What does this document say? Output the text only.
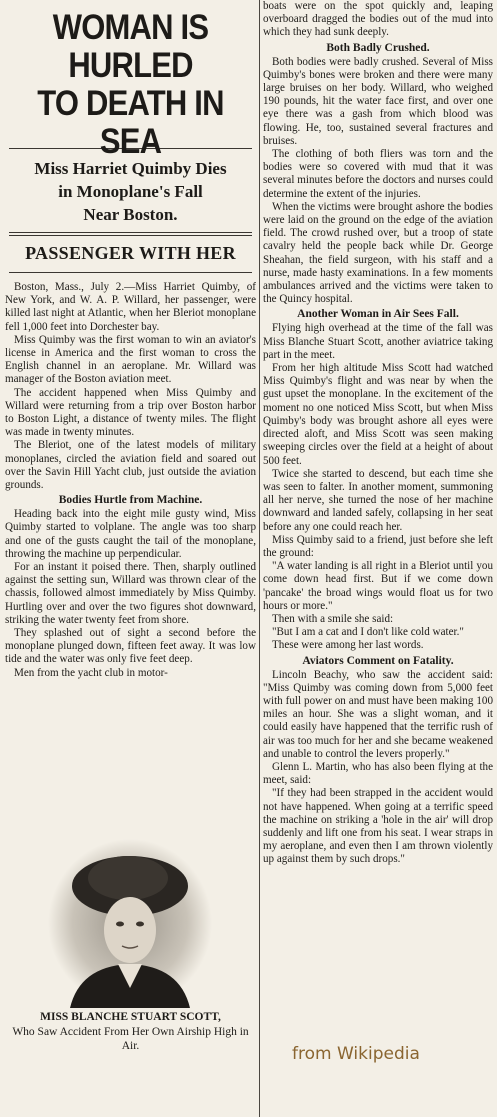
WOMAN IS HURLED
TO DEATH IN SEA
Miss Harriet Quimby Dies
in Monoplane's Fall
Near Boston.
PASSENGER WITH HER
Boston, Mass., July 2.—Miss Harriet Quimby, of New York, and W. A. P. Willard, her passenger, were killed last night at Atlantic, when her Bleriot monoplane fell 1,000 feet into Dorchester bay.
Miss Quimby was the first woman to win an aviator's license in America and the first woman to cross the English channel in an aeroplane. Mr. Willard was manager of the Boston aviation meet.
The accident happened when Miss Quimby and Willard were returning from a trip over Boston harbor to Boston Light, a distance of twenty miles. The flight was made in twenty minutes.
The Bleriot, one of the latest models of military monoplanes, circled the aviation field and soared out over the Savin Hill Yacht club, just outside the aviation grounds.
Bodies Hurtle from Machine.
Heading back into the eight mile gusty wind, Miss Quimby started to volplane. The angle was too sharp and one of the gusts caught the tail of the monoplane, throwing the machine up perpendicular.
For an instant it poised there. Then, sharply outlined against the setting sun, Willard was thrown clear of the chassis, followed almost immediately by Miss Quimby. Hurtling over and over the two figures shot downward, striking the water twenty feet from shore.
They splashed out of sight a second before the monoplane plunged down, fifteen feet away. It was low tide and the water was only five feet deep.
Men from the yacht club in motor-
boats were on the spot quickly and, leaping overboard dragged the bodies out of the mud into which they had sunk deeply.
Both Badly Crushed.
Both bodies were badly crushed. Several of Miss Quimby's bones were broken and there were many large bruises on her body. Willard, who weighed 190 pounds, hit the water face first, and over one eye there was a gash from which blood was flowing. He, too, sustained several fractures and bruises.
The clothing of both fliers was torn and the bodies were so covered with mud that it was several minutes before the doctors and nurses could determine the extent of the injuries.
When the victims were brought ashore the bodies were laid on the ground on the edge of the aviation field. The crowd rushed over, but a troop of state cavalry held the people back while Dr. George Sheahan, the field surgeon, with his staff and a nurse, made hasty examinations. In a few moments ambulances arrived and the victims were taken to the Quincy hospital.
Another Woman in Air Sees Fall.
Flying high overhead at the time of the fall was Miss Blanche Stuart Scott, another aviatrice taking part in the meet.
From her high altitude Miss Scott had watched Miss Quimby's flight and was near by when the gust upset the monoplane. In the excitement of the moment no one noticed Miss Scott, but when Miss Quimby's body was brought ashore all eyes were directed aloft, and Miss Scott was seen making sweeping circles over the field at a height of about 500 feet.
Twice she started to descend, but each time she was seen to falter. In another moment, summoning all her nerve, she turned the nose of her machine downward and landed safely, collapsing in her seat before any one could reach her.
Miss Quimby said to a friend, just before she left the ground:
"A water landing is all right in a Bleriot until you come down head first. But if we come down 'pancake' the broad wings would float us for two hours or more."
Then with a smile she said:
"But I am a cat and I don't like cold water."
These were among her last words.
Aviators Comment on Fatality.
Lincoln Beachy, who saw the accident said: "Miss Quimby was coming down from 5,000 feet with full power on and must have been making 100 miles an hour. She was a slight woman, and it could easily have happened that the terrific rush of air was too much for her and she became weakened and unable to control the levers properly."
Glenn L. Martin, who has also been flying at the meet, said:
"If they had been strapped in the accident would not have happened. When going at a terrific speed the machine on striking a 'hole in the air' will drop suddenly and lift one from his seat. I wear straps in my aeroplane, and even then I am thrown violently up against them by such drops."
MISS BLANCHE STUART SCOTT,
Who Saw Accident From Her Own Airship High in Air.	from Wikipedia
